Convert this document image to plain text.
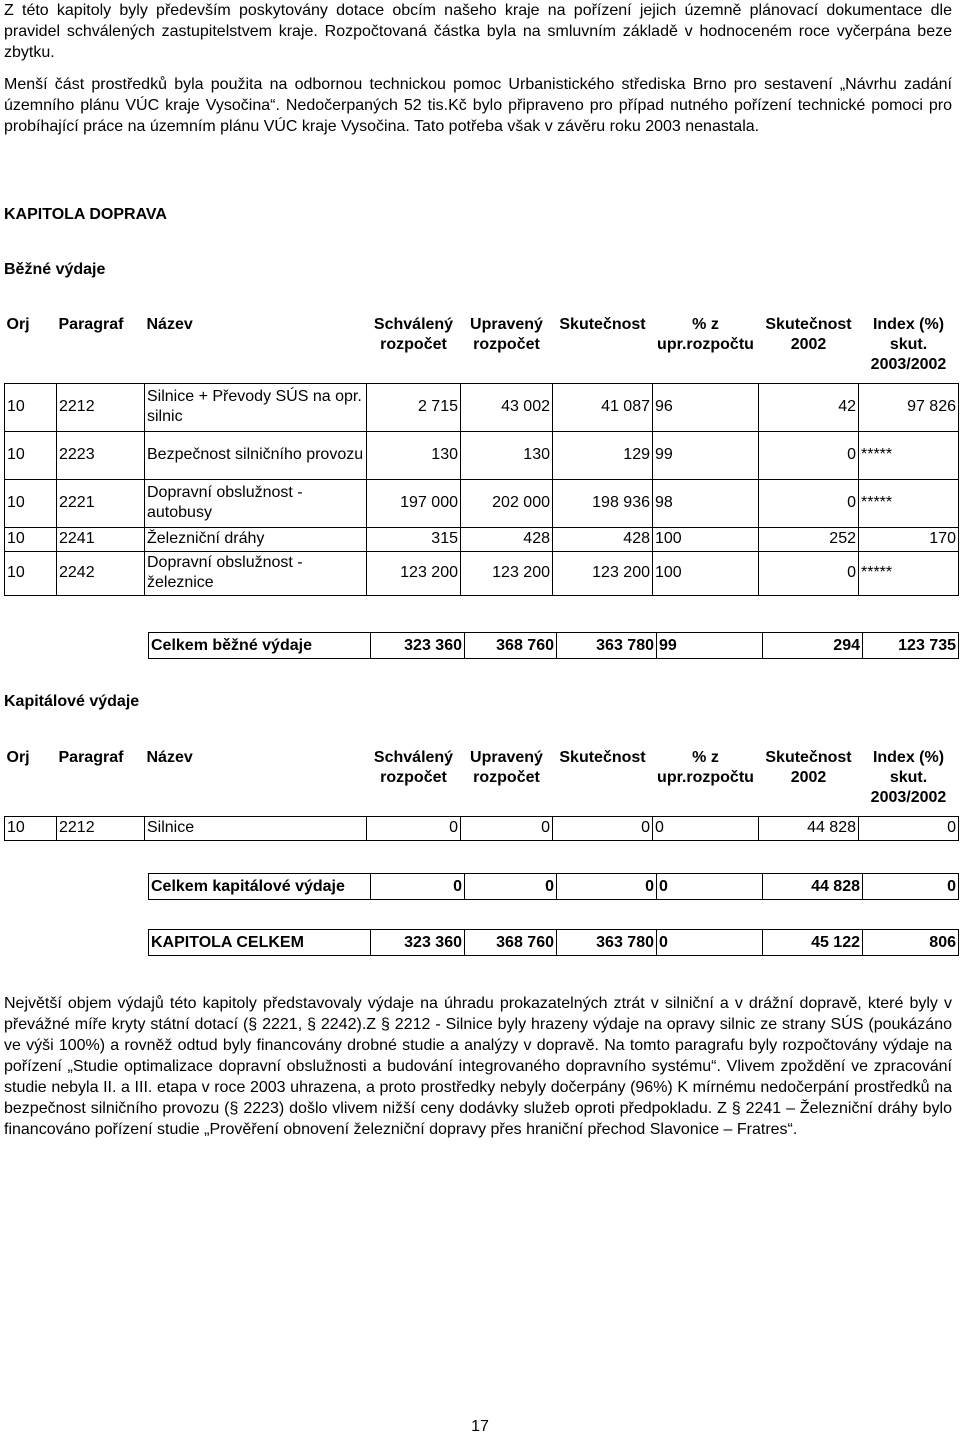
Z této kapitoly byly především poskytovány dotace obcím našeho kraje na pořízení jejich územně plánovací dokumentace dle pravidel schválených zastupitelstvem kraje. Rozpočtovaná částka byla na smluvním základě v hodnoceném roce vyčerpána beze zbytku.

Menší část prostředků byla použita na odbornou technickou pomoc Urbanistického střediska Brno pro sestavení „Návrhu zadání územního plánu VÚC kraje Vysočina“. Nedočerpaných 52 tis.Kč bylo připraveno pro případ nutného pořízení technické pomoci pro probíhající práce na územním plánu VÚC kraje Vysočina. Tato potřeba však v závěru roku 2003 nenastala.

KAPITOLA DOPRAVA

Běžné výdaje

Orj	Paragraf	Název	Schválený rozpočet	Upravený rozpočet	Skutečnost	% z upr.rozpočtu	Skutečnost 2002	Index (%) skut. 2003/2002

10	2212	Silnice + Převody SÚS na opr. silnic	2 715	43 002	41 087	96	42	97 826
10	2223	Bezpečnost silničního provozu	130	130	129	99	0	*****
10	2221	Dopravní obslužnost - autobusy	197 000	202 000	198 936	98	0	*****
10	2241	Železniční dráhy	315	428	428	100	252	170
10	2242	Dopravní obslužnost - železnice	123 200	123 200	123 200	100	0	*****
Celkem běžné výdaje	323 360	368 760	363 780	99	294	123 735

Kapitálové výdaje

Orj	Paragraf	Název	Schválený rozpočet	Upravený rozpočet	Skutečnost	% z upr.rozpočtu	Skutečnost 2002	Index (%) skut. 2003/2002

10	2212	Silnice	0	0	0	0	44 828	0
Celkem kapitálové výdaje	0	0	0	0	44 828	0
KAPITOLA CELKEM	323 360	368 760	363 780	0	45 122	806

Největší objem výdajů této kapitoly představovaly výdaje na úhradu prokazatelných ztrát v silniční a v drážní dopravě, které byly v převážné míře kryty státní dotací (§ 2221, § 2242).Z § 2212 - Silnice byly hrazeny výdaje na opravy silnic ze strany SÚS (poukázáno ve výši 100%) a rovněž odtud byly financovány drobné studie a analýzy v dopravě. Na tomto paragrafu byly rozpočtovány výdaje na pořízení „Studie optimalizace dopravní obslužnosti a budování integrovaného dopravního systému“. Vlivem zpoždění ve zpracování studie nebyla II. a III. etapa v roce 2003 uhrazena, a proto prostředky nebyly dočerpány (96%) K mírnému nedočerpání prostředků na bezpečnost silničního provozu (§ 2223) došlo vlivem nižší ceny dodávky služeb oproti předpokladu. Z § 2241 – Železniční dráhy bylo financováno pořízení studie „Prověření obnovení železniční dopravy přes hraniční přechod Slavonice – Fratres“.

17
